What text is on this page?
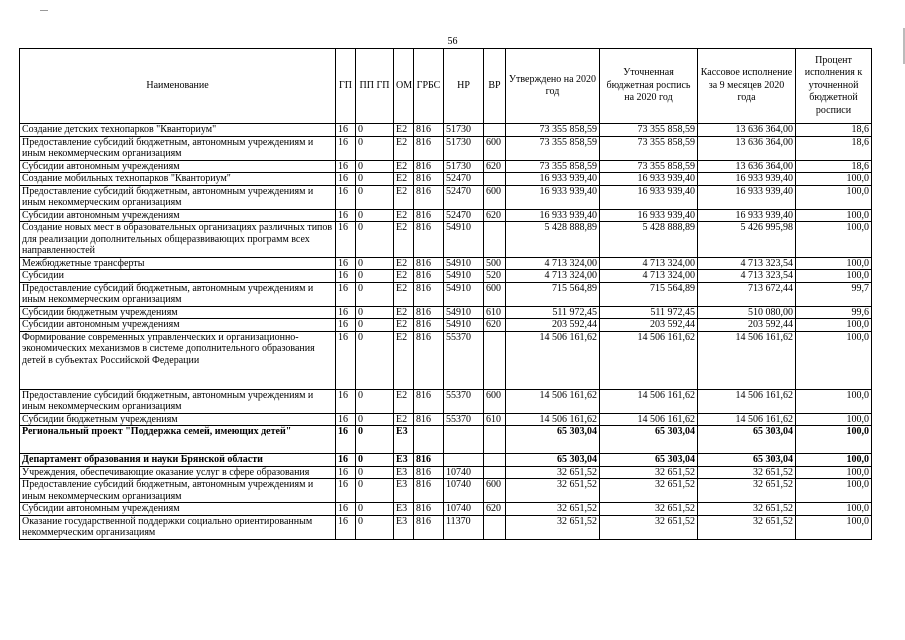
56
Наименование	ГП	ПП ГП	ОМ	ГРБС	НР	ВР	Утверждено на 2020 год	Уточненная бюджетная роспись на 2020 год	Кассовое исполнение за 9 месяцев 2020 года	Процент исполнения к уточненной бюджетной росписи
Создание детских технопарков "Кванториум"	16	0	E2	816	51730		73 355 858,59	73 355 858,59	13 636 364,00	18,6
Предоставление субсидий бюджетным, автономным учреждениям и иным некоммерческим организациям	16	0	E2	816	51730	600	73 355 858,59	73 355 858,59	13 636 364,00	18,6
Субсидии автономным учреждениям	16	0	E2	816	51730	620	73 355 858,59	73 355 858,59	13 636 364,00	18,6
Создание мобильных технопарков "Кванториум"	16	0	E2	816	52470		16 933 939,40	16 933 939,40	16 933 939,40	100,0
Предоставление субсидий бюджетным, автономным учреждениям и иным некоммерческим организациям	16	0	E2	816	52470	600	16 933 939,40	16 933 939,40	16 933 939,40	100,0
Субсидии автономным учреждениям	16	0	E2	816	52470	620	16 933 939,40	16 933 939,40	16 933 939,40	100,0
Создание новых мест в образовательных организациях различных типов для реализации дополнительных общеразвивающих программ всех направленностей	16	0	E2	816	54910		5 428 888,89	5 428 888,89	5 426 995,98	100,0
Межбюджетные трансферты	16	0	E2	816	54910	500	4 713 324,00	4 713 324,00	4 713 323,54	100,0
Субсидии	16	0	E2	816	54910	520	4 713 324,00	4 713 324,00	4 713 323,54	100,0
Предоставление субсидий бюджетным, автономным учреждениям и иным некоммерческим организациям	16	0	E2	816	54910	600	715 564,89	715 564,89	713 672,44	99,7
Субсидии бюджетным учреждениям	16	0	E2	816	54910	610	511 972,45	511 972,45	510 080,00	99,6
Субсидии автономным учреждениям	16	0	E2	816	54910	620	203 592,44	203 592,44	203 592,44	100,0
Формирование современных управленческих и организационно-экономических механизмов в системе дополнительного образования детей в субъектах Российской Федерации	16	0	E2	816	55370		14 506 161,62	14 506 161,62	14 506 161,62	100,0
Предоставление субсидий бюджетным, автономным учреждениям и иным некоммерческим организациям	16	0	E2	816	55370	600	14 506 161,62	14 506 161,62	14 506 161,62	100,0
Субсидии бюджетным учреждениям	16	0	E2	816	55370	610	14 506 161,62	14 506 161,62	14 506 161,62	100,0
Региональный проект "Поддержка семей, имеющих детей"	16	0	E3				65 303,04	65 303,04	65 303,04	100,0
Департамент образования и науки Брянской области	16	0	E3	816			65 303,04	65 303,04	65 303,04	100,0
Учреждения, обеспечивающие оказание услуг в сфере образования	16	0	E3	816	10740		32 651,52	32 651,52	32 651,52	100,0
Предоставление субсидий бюджетным, автономным учреждениям и иным некоммерческим организациям	16	0	E3	816	10740	600	32 651,52	32 651,52	32 651,52	100,0
Субсидии автономным учреждениям	16	0	E3	816	10740	620	32 651,52	32 651,52	32 651,52	100,0
Оказание государственной поддержки социально ориентированным некоммерческим организациям	16	0	E3	816	11370		32 651,52	32 651,52	32 651,52	100,0
